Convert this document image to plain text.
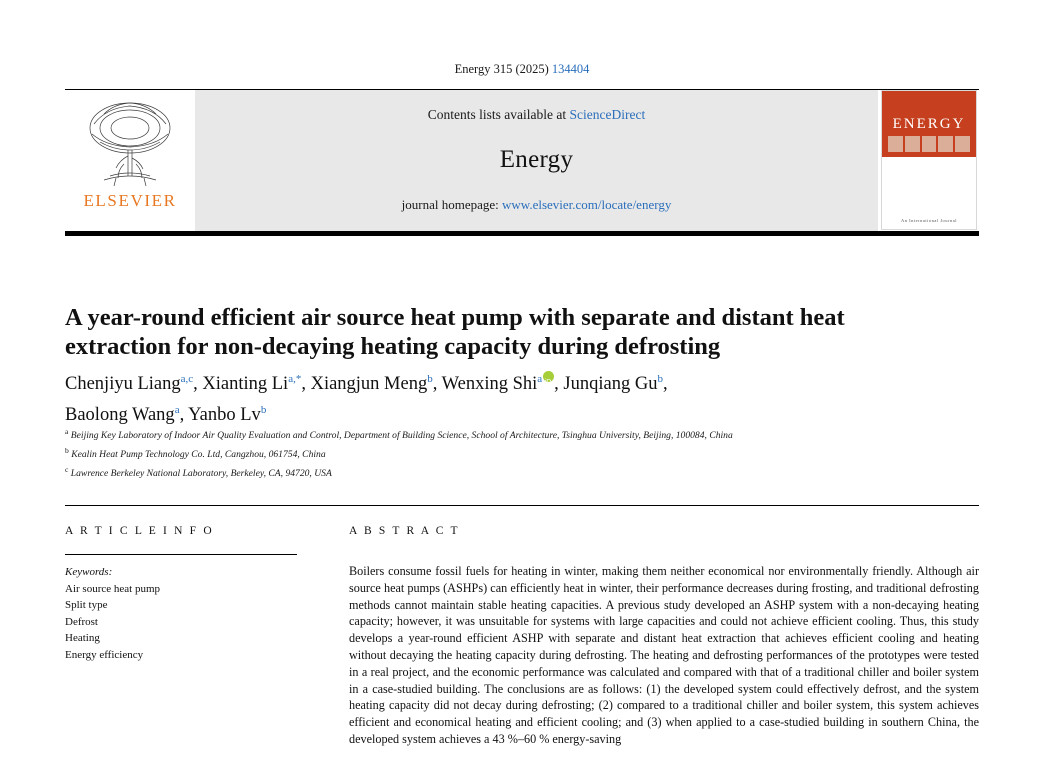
Energy 315 (2025) 134404
ELSEVIER
Contents lists available at ScienceDirect
Energy
journal homepage: www.elsevier.com/locate/energy
ENERGY
An International Journal
A year-round efficient air source heat pump with separate and distant heat extraction for non-decaying heating capacity during defrosting
Chenjiyu Liang$^{a,c}$, Xianting Li$^{a,*}$, Xiangjun Meng$^b$, Wenxing Shi$^a$ iD , Junqiang Gu$^b$,
Baolong Wang$^a$, Yanbo Lv$^b$
$^a$ Beijing Key Laboratory of Indoor Air Quality Evaluation and Control, Department of Building Science, School of Architecture, Tsinghua University, Beijing, 100084, China
$^b$ Kealin Heat Pump Technology Co. Ltd, Cangzhou, 061754, China
$^c$ Lawrence Berkeley National Laboratory, Berkeley, CA, 94720, USA
A R T I C L E I N F O
Keywords:
Air source heat pump
Split type
Defrost
Heating
Energy efficiency
A B S T R A C T
Boilers consume fossil fuels for heating in winter, making them neither economical nor environmentally friendly. Although air source heat pumps (ASHPs) can efficiently heat in winter, their performance decreases during frosting, and traditional defrosting methods cannot maintain stable heating capacities. A previous study developed an ASHP system with a non-decaying heating capacity; however, it was unsuitable for systems with large capacities and could not achieve efficient cooling. Thus, this study develops a year-round efficient ASHP with separate and distant heat extraction that achieves efficient cooling and heating without decaying the heating capacity during defrosting. The heating and defrosting performances of the prototypes were tested in a real project, and the economic performance was calculated and compared with that of a traditional chiller and boiler system in a case-studied building. The conclusions are as follows: (1) the developed system could effectively defrost, and the system heating capacity did not decay during defrosting; (2) compared to a traditional chiller and boiler system, this system achieves efficient and economical heating and efficient cooling; and (3) when applied to a case-studied building in southern China, the developed system achieves a 43 %–60 % energy-saving
